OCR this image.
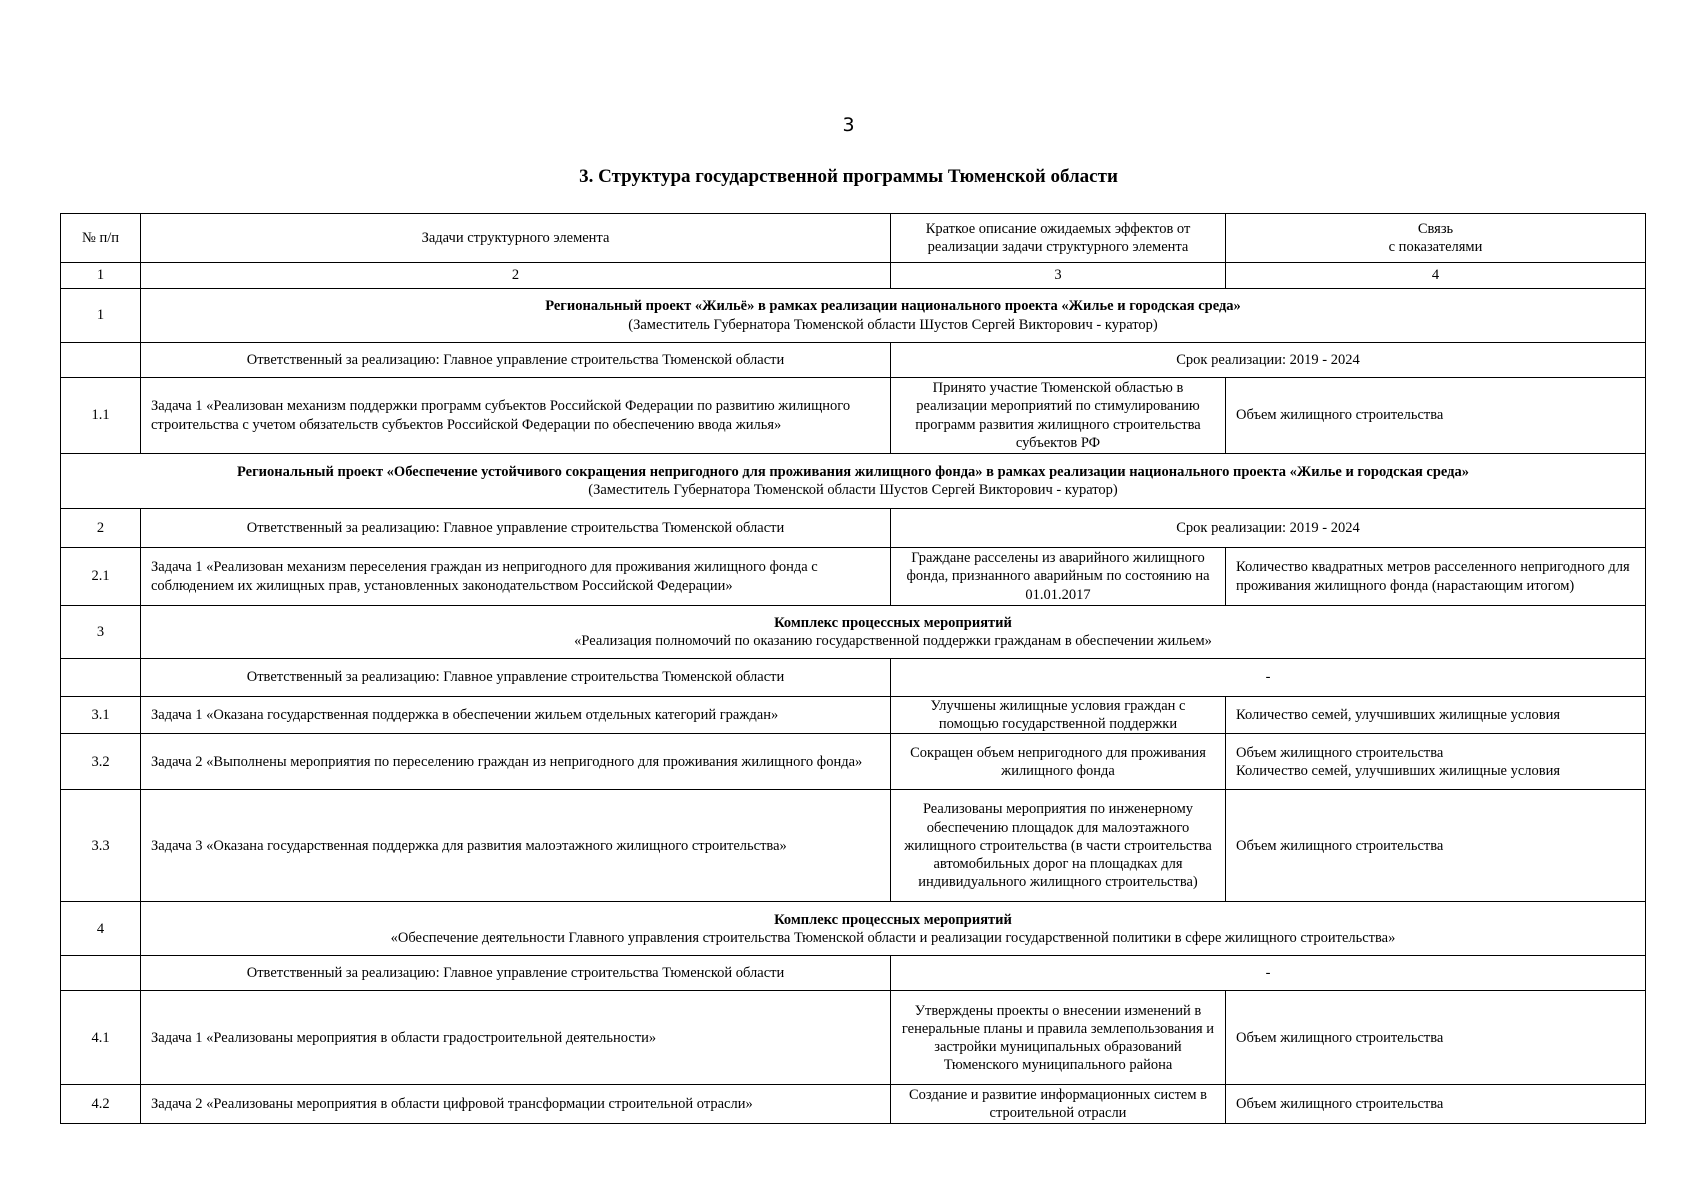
3
3. Структура государственной программы Тюменской области
№ п/п	Задачи структурного элемента	Краткое описание ожидаемых эффектов от реализации задачи структурного элемента	Связь
с показателями

1	2	3	4
1	Региональный проект «Жильё» в рамках реализации национального проекта «Жилье и городская среда»
(Заместитель Губернатора Тюменской области Шустов Сергей Викторович - куратор)		

	Ответственный за реализацию: Главное управление строительства Тюменской области	Срок реализации: 2019 - 2024	
1.1	Задача 1 «Реализован механизм поддержки программ субъектов Российской Федерации по развитию жилищного строительства с учетом обязательств субъектов Российской Федерации по обеспечению ввода жилья»	Принято участие Тюменской областью в реализации мероприятий по стимулированию программ развития жилищного строительства субъектов РФ	Объем жилищного строительства

Региональный проект «Обеспечение устойчивого сокращения непригодного для проживания жилищного фонда» в рамках реализации национального проекта «Жилье и городская среда»
(Заместитель Губернатора Тюменской области Шустов Сергей Викторович - куратор)			

2	Ответственный за реализацию: Главное управление строительства Тюменской области	Срок реализации: 2019 - 2024	
2.1	Задача 1 «Реализован механизм переселения граждан из непригодного для проживания жилищного фонда с соблюдением их жилищных прав, установленных законодательством Российской Федерации»	Граждане расселены из аварийного жилищного фонда, признанного аварийным по состоянию на 01.01.2017	Количество квадратных метров расселенного непригодного для проживания жилищного фонда (нарастающим итогом)
3	Комплекс процессных мероприятий
«Реализация полномочий по оказанию государственной поддержки гражданам в обеспечении жильем»		

	Ответственный за реализацию: Главное управление строительства Тюменской области	-	
3.1	Задача 1 «Оказана государственная поддержка в обеспечении жильем отдельных категорий граждан»	Улучшены жилищные условия граждан с помощью государственной поддержки	Количество семей, улучшивших жилищные условия
3.2	Задача 2 «Выполнены мероприятия по переселению граждан из непригодного для проживания жилищного фонда»	Сокращен объем непригодного для проживания жилищного фонда	Объем жилищного строительства
Количество семей, улучшивших жилищные условия

3.3	Задача 3 «Оказана государственная поддержка для развития малоэтажного жилищного строительства»	Реализованы мероприятия по инженерному обеспечению площадок для малоэтажного жилищного строительства (в части строительства автомобильных дорог на площадках для индивидуального жилищного строительства)	Объем жилищного строительства
4	Комплекс процессных мероприятий
«Обеспечение деятельности Главного управления строительства Тюменской области и реализации государственной политики в сфере жилищного строительства»		

	Ответственный за реализацию: Главное управление строительства Тюменской области	-	
4.1	Задача 1 «Реализованы мероприятия в области градостроительной деятельности»	Утверждены проекты о внесении изменений в генеральные планы и правила землепользования и застройки муниципальных образований Тюменского муниципального района	Объем жилищного строительства
4.2	Задача 2 «Реализованы мероприятия в области цифровой трансформации строительной отрасли»	Создание и развитие информационных систем в строительной отрасли	Объем жилищного строительства
